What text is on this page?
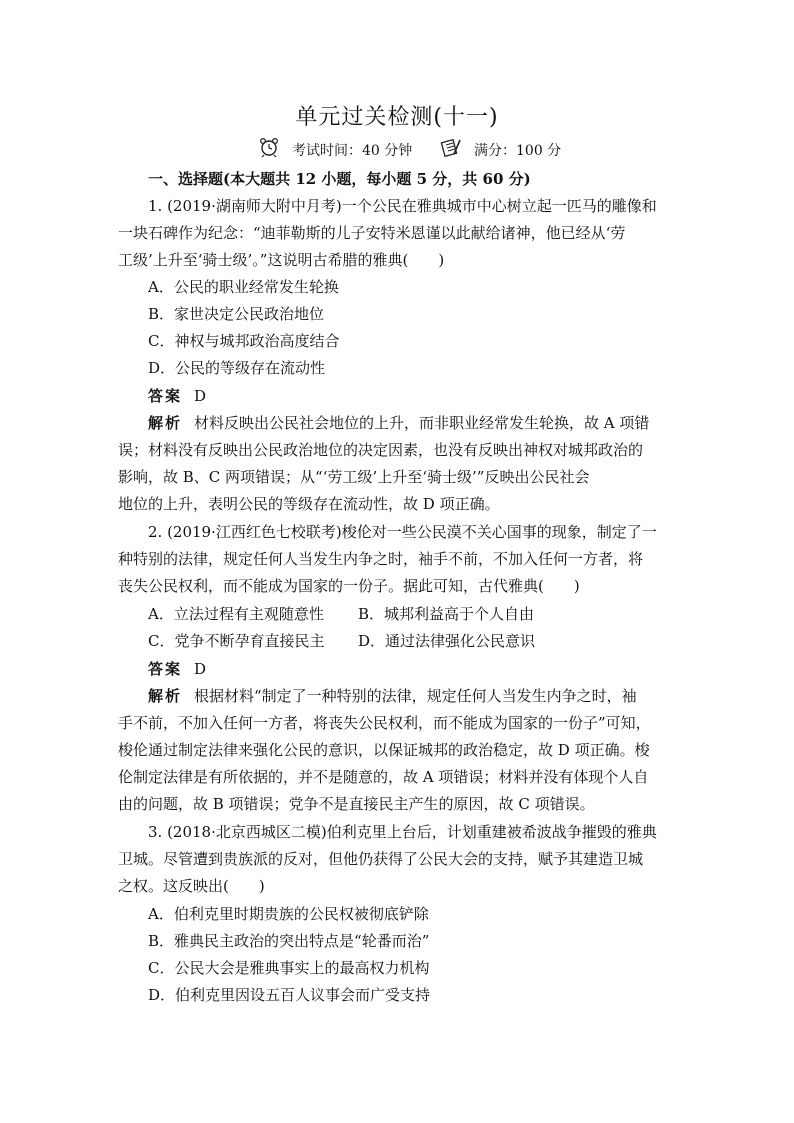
单元过关检测(十一)
考试时间：40 分钟	满分：100 分
一、选择题(本大题共 12 小题，每小题 5 分，共 60 分)
1. (2019·湖南师大附中月考)一个公民在雅典城市中心树立起一匹马的雕像和
一块石碑作为纪念：“迪菲勒斯的儿子安特米恩谨以此献给诸神，他已经从‘劳
工级’上升至‘骑士级’。”这说明古希腊的雅典(　　)
A．公民的职业经常发生轮换
B．家世决定公民政治地位
C．神权与城邦政治高度结合
D．公民的等级存在流动性
答案 D
解析 材料反映出公民社会地位的上升，而非职业经常发生轮换，故 A 项错
误；材料没有反映出公民政治地位的决定因素，也没有反映出神权对城邦政治的
影响，故 B、C 两项错误；从“‘劳工级’上升至‘骑士级’”反映出公民社会
地位的上升，表明公民的等级存在流动性，故 D 项正确。
2. (2019·江西红色七校联考)梭伦对一些公民漠不关心国事的现象，制定了一
种特别的法律，规定任何人当发生内争之时，袖手不前，不加入任何一方者，将
丧失公民权利，而不能成为国家的一份子。据此可知，古代雅典(　　)
A．立法过程有主观随意性 B．城邦利益高于个人自由
C．党争不断孕育直接民主 D．通过法律强化公民意识
答案 D
解析 根据材料“制定了一种特别的法律，规定任何人当发生内争之时，袖
手不前，不加入任何一方者，将丧失公民权利，而不能成为国家的一份子”可知，
梭伦通过制定法律来强化公民的意识，以保证城邦的政治稳定，故 D 项正确。梭
伦制定法律是有所依据的，并不是随意的，故 A 项错误；材料并没有体现个人自
由的问题，故 B 项错误；党争不是直接民主产生的原因，故 C 项错误。
3. (2018·北京西城区二模)伯利克里上台后，计划重建被希波战争摧毁的雅典
卫城。尽管遭到贵族派的反对，但他仍获得了公民大会的支持，赋予其建造卫城
之权。这反映出(　　)
A．伯利克里时期贵族的公民权被彻底铲除
B．雅典民主政治的突出特点是“轮番而治”
C．公民大会是雅典事实上的最高权力机构
D．伯利克里因设五百人议事会而广受支持
